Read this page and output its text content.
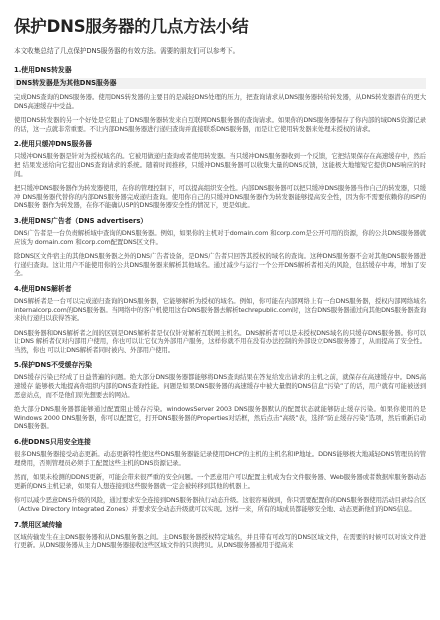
保护DNS服务器的几点方法小结

本文收集总结了几点保护DNS服务器的有效方法。需要的朋友们可以参考下。

1.使用DNS转发器
DNS转发器是为其他DNS服务器

完成DNS查询的DNS服务器。使用DNS转发器的主要目的是减轻DNS处理的压力，把查询请求从DNS服务器转给转发器，从DNS转发器潜在的更大DNS高速缓存中受益。

使用DNS转发器的另一个好处是它阻止了DNS服务器转发来自互联网DNS服务器的查询请求。如果你的DNS服务器保存了你内部的域DNS资源记录的话，这一点就非常重要。不让内部DNS服务器进行递归查询并直接联系DNS服务器，而是让它使用转发器来处理未授权的请求。

2.使用只缓冲DNS服务器

只缓冲DNS服务器是针对为授权域名的。它被用做递归查询或者使用转发器。当只缓冲DNS服务器收到一个反馈，它把结果保存在高速缓存中，然后把 结果发送给向它提出DNS查询请求的系统。随着时间推移，只缓冲DNS服务器可以收集大量的DNS反馈，这能极大地缩短它提供DNS响应的时间。

把只缓冲DNS服务器作为转发器使用，在你的管理控制下，可以提高组织安全性。内部DNS服务器可以把只缓冲DNS服务器当作自己的转发器，只缓冲 DNS服务器代替你的内部DNS服务器完成递归查询。使用你自己的只缓冲DNS服务器作为转发器能够提高安全性，因为你不需要依赖你的ISP的DNS服务 器作为转发器，在你不能确认ISP的DNS服务器安全性的情况下，更是如此。

3.使用DNS广告者（DNS advertisers）

DNS广告者是一台负责解析域中查询的DNS服务器。例如，如果你的主机对于domain.com 和corp.com是公开可用的资源，你的公共DNS服务器就应该为 domain.com 和corp.com配置DNS区文件。

除DNS区文件宿主的其他DNS服务器之外的DNS广告者设备，是DNS广告者只回答其授权的域名的查询。这种DNS服务器不会对其他DNS服务器进行递归查询。这让用户不能使用你的公共DNS服务器来解析其他域名。通过减少与运行一个公开DNS解析者相关的风险，包括缓存中毒，增加了安全。

4.使用DNS解析者

DNS解析者是一台可以完成递归查询的DNS服务器，它能够解析为授权的域名。例如，你可能在内部网络上有一台DNS服务器，授权内部网络域名 internalcorp.com的DNS服务器。当网络中的客户机使用这台DNS服务器去解析techrepublic.com时，这台DNS服务器通过向其他DNS服务器查询来执行递归以获得答案。

DNS服务器和DNS解析者之间的区别是DNS解析者是仅仅针对解析互联网主机名。DNS解析者可以是未授权DNS域名的只缓存DNS服务器。你可以让DNS 解析者仅对内部用户使用，你也可以让它仅为外部用户服务，这样你就不用在没有办法控制的外部设立DNS服务器了，从而提高了安全性。当然，你也 可以让DNS解析者同时被内、外部用户使用。

5.保护DNS不受缓存污染

DNS缓存污染已经成了日益普遍的问题。绝大部分DNS服务器都能够将DNS查询结果在答复给发出请求的主机之前，就保存在高速缓存中。DNS高速缓存 能够极大地提高你组织内部的DNS查询性能。问题是如果DNS服务器的高速缓存中被大量假的DNS信息“污染”了的话，用户就有可能被送到恶意站点，而不是他们原先想要去的网站。

绝大部分DNS服务器都能够通过配置阻止缓存污染。windowsServer 2003 DNS服务器默认的配置状态就能够防止缓存污染。如果你使用的是Windows 2000 DNS服务器，你可以配置它，打开DNS服务器的Properties对话框，然后点击“高级”表，选择“防止缓存污染”选项，然后重新启动DNS服务器。

6.使DDNS只用安全连接

很多DNS服务器接受动态更新。动态更新特性使这些DNS服务器能记录使用DHCP的主机的主机名和IP地址。DDNS能够极大地减轻DNS管理员的管理费用，否则管理员必须手工配置这些主机的DNS资源记录。

然而，如果未检测的DDNS更新，可能会带来很严重的安全问题。一个恶意用户可以配置主机成为台文件服务器、Web服务器或者数据库服务器动态更新的DNS主机记录，如果有人想连接到这些服务器就一定会被转移到其他的机器上。

你可以减少恶意DNS升级的风险，通过要求安全连接到DNS服务器执行动态升级。这很容易做到，你只需要配置你的DNS服务器使用活动目录综合区（Active Directory Integrated Zones）并要求安全动态升级就可以实现。这样一来，所有的域成员都能够安全地、动态更新他们的DNS信息。

7.禁用区域传输

区域传输发生在主DNS服务器和从DNS服务器之间。主DNS服务器授权特定域名，并且带有可改写的DNS区域文件，在需要的时候可以对该文件进行更新。从DNS服务器从主力DNS服务器接收这些区域文件的只读拷贝。从DNS服务器被用于提高来
